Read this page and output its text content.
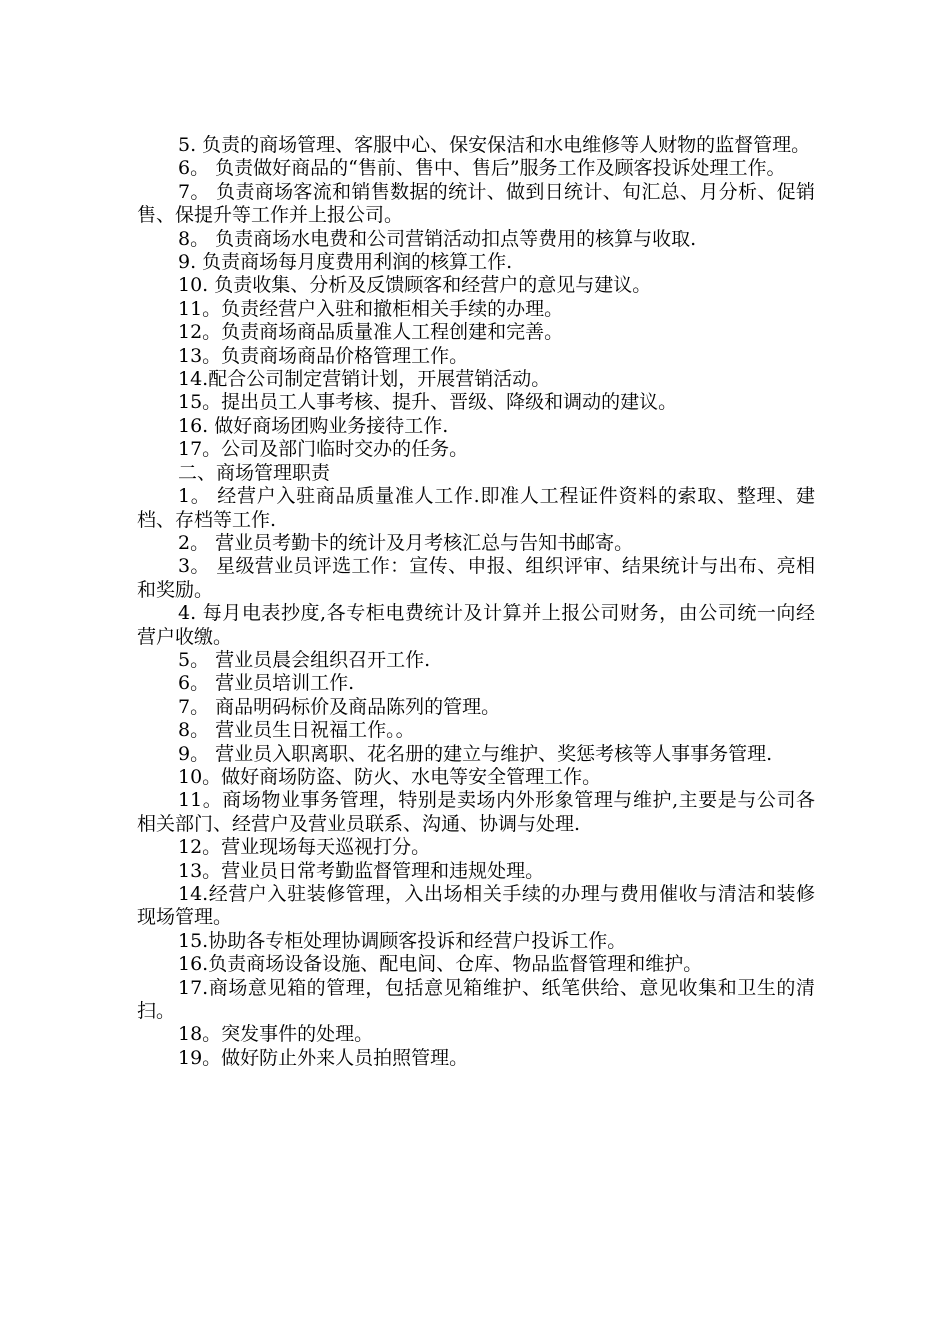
5. 负责的商场管理、客服中心、保安保洁和水电维修等人财物的监督管理。

6。 负责做好商品的“售前、售中、售后”服务工作及顾客投诉处理工作。

7。 负责商场客流和销售数据的统计、做到日统计、旬汇总、月分析、促销售、保提升等工作并上报公司。

8。 负责商场水电费和公司营销活动扣点等费用的核算与收取.

9. 负责商场每月度费用利润的核算工作.

10. 负责收集、分析及反馈顾客和经营户的意见与建议。

11。负责经营户入驻和撤柜相关手续的办理。

12。负责商场商品质量准人工程创建和完善。

13。负责商场商品价格管理工作。

14.配合公司制定营销计划，开展营销活动。

15。提出员工人事考核、提升、晋级、降级和调动的建议。

16. 做好商场团购业务接待工作.

17。公司及部门临时交办的任务。

二、商场管理职责

1。 经营户入驻商品质量准人工作.即准人工程证件资料的索取、整理、建档、存档等工作.

2。 营业员考勤卡的统计及月考核汇总与告知书邮寄。

3。 星级营业员评选工作：宣传、申报、组织评审、结果统计与出布、亮相和奖励。

4. 每月电表抄度,各专柜电费统计及计算并上报公司财务，由公司统一向经营户收缴。

5。 营业员晨会组织召开工作.

6。 营业员培训工作.

7。 商品明码标价及商品陈列的管理。

8。 营业员生日祝福工作。。

9。 营业员入职离职、花名册的建立与维护、奖惩考核等人事事务管理.

10。做好商场防盗、防火、水电等安全管理工作。

11。商场物业事务管理，特别是卖场内外形象管理与维护,主要是与公司各相关部门、经营户及营业员联系、沟通、协调与处理.

12。营业现场每天巡视打分。

13。营业员日常考勤监督管理和违规处理。

14.经营户入驻装修管理，入出场相关手续的办理与费用催收与清洁和装修现场管理。

15.协助各专柜处理协调顾客投诉和经营户投诉工作。

16.负责商场设备设施、配电间、仓库、物品监督管理和维护。

17.商场意见箱的管理，包括意见箱维护、纸笔供给、意见收集和卫生的清扫。

18。突发事件的处理。

19。做好防止外来人员拍照管理。
